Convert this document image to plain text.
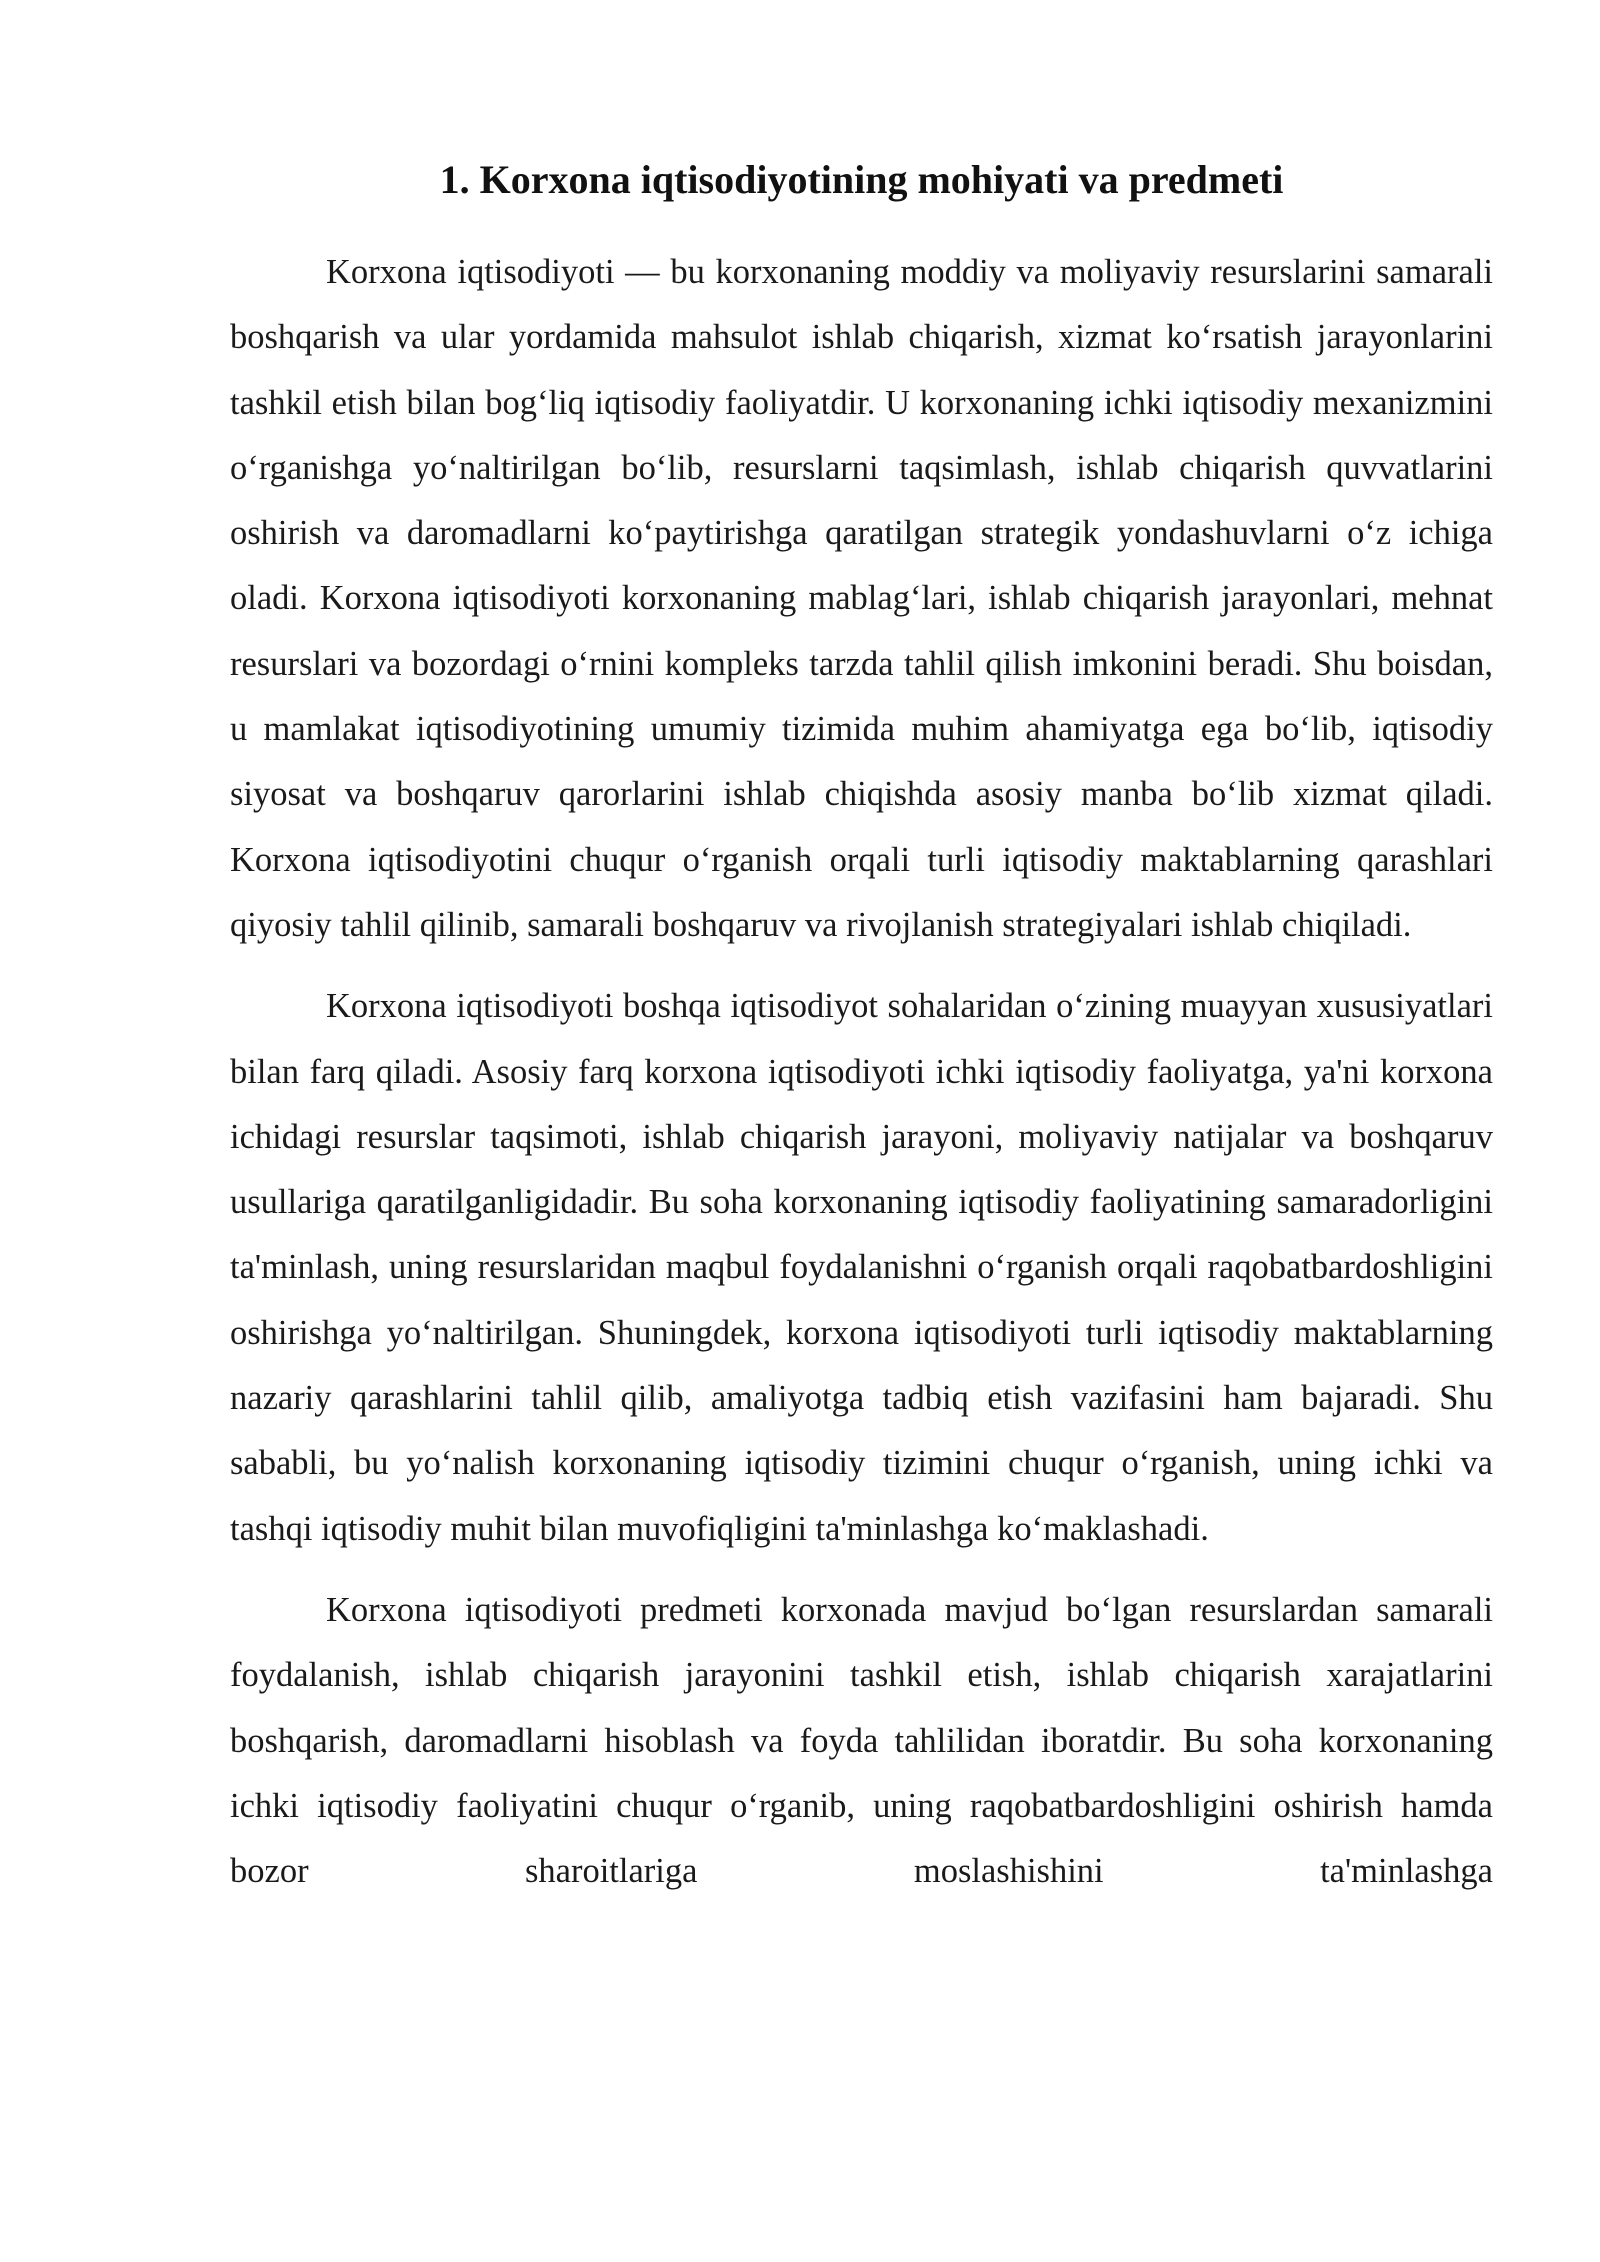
1. Korxona iqtisodiyotining mohiyati va predmeti

Korxona iqtisodiyoti — bu korxonaning moddiy va moliyaviy resurslarini samarali boshqarish va ular yordamida mahsulot ishlab chiqarish, xizmat ko‘rsatish jarayonlarini tashkil etish bilan bog‘liq iqtisodiy faoliyatdir. U korxonaning ichki iqtisodiy mexanizmini o‘rganishga yo‘naltirilgan bo‘lib, resurslarni taqsimlash, ishlab chiqarish quvvatlarini oshirish va daromadlarni ko‘paytirishga qaratilgan strategik yondashuvlarni o‘z ichiga oladi. Korxona iqtisodiyoti korxonaning mablag‘lari, ishlab chiqarish jarayonlari, mehnat resurslari va bozordagi o‘rnini kompleks tarzda tahlil qilish imkonini beradi. Shu boisdan, u mamlakat iqtisodiyotining umumiy tizimida muhim ahamiyatga ega bo‘lib, iqtisodiy siyosat va boshqaruv qarorlarini ishlab chiqishda asosiy manba bo‘lib xizmat qiladi. Korxona iqtisodiyotini chuqur o‘rganish orqali turli iqtisodiy maktablarning qarashlari qiyosiy tahlil qilinib, samarali boshqaruv va rivojlanish strategiyalari ishlab chiqiladi.

Korxona iqtisodiyoti boshqa iqtisodiyot sohalaridan o‘zining muayyan xususiyatlari bilan farq qiladi. Asosiy farq korxona iqtisodiyoti ichki iqtisodiy faoliyatga, ya'ni korxona ichidagi resurslar taqsimoti, ishlab chiqarish jarayoni, moliyaviy natijalar va boshqaruv usullariga qaratilganligidadir. Bu soha korxonaning iqtisodiy faoliyatining samaradorligini ta'minlash, uning resurslaridan maqbul foydalanishni o‘rganish orqali raqobatbardoshligini oshirishga yo‘naltirilgan. Shuningdek, korxona iqtisodiyoti turli iqtisodiy maktablarning nazariy qarashlarini tahlil qilib, amaliyotga tadbiq etish vazifasini ham bajaradi. Shu sababli, bu yo‘nalish korxonaning iqtisodiy tizimini chuqur o‘rganish, uning ichki va tashqi iqtisodiy muhit bilan muvofiqligini ta'minlashga ko‘maklashadi.

Korxona iqtisodiyoti predmeti korxonada mavjud bo‘lgan resurslardan samarali foydalanish, ishlab chiqarish jarayonini tashkil etish, ishlab chiqarish xarajatlarini boshqarish, daromadlarni hisoblash va foyda tahlilidan iboratdir. Bu soha korxonaning ichki iqtisodiy faoliyatini chuqur o‘rganib, uning raqobatbardoshligini oshirish hamda bozor sharoitlariga moslashishini ta'minlashga
